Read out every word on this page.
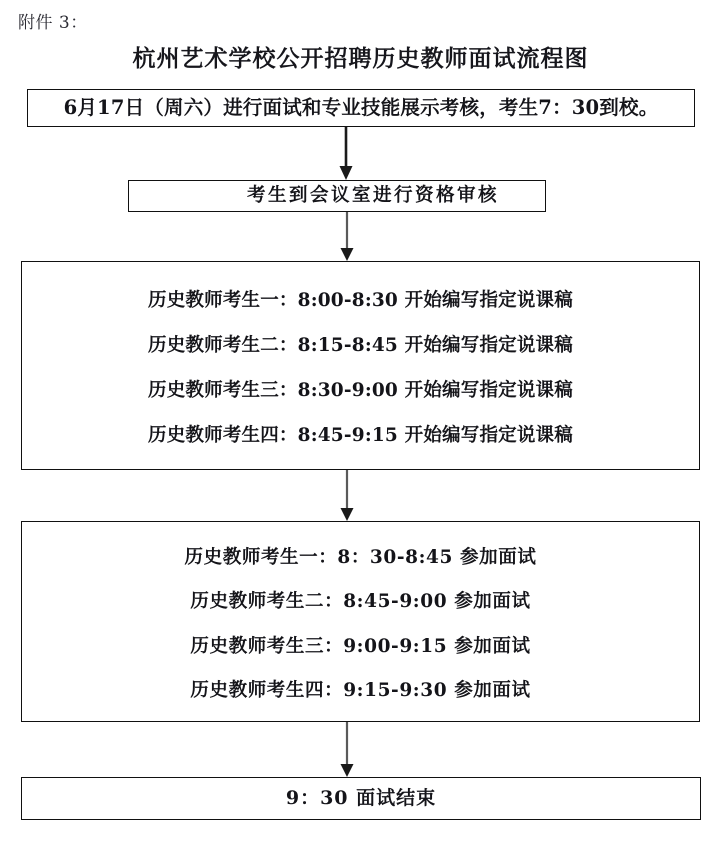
附件 3：
杭州艺术学校公开招聘历史教师面试流程图
6月17日（周六）进行面试和专业技能展示考核，考生7：30到校。
考生到会议室进行资格审核
历史教师考生一：8:00-8:30 开始编写指定说课稿
历史教师考生二：8:15-8:45 开始编写指定说课稿
历史教师考生三：8:30-9:00 开始编写指定说课稿
历史教师考生四：8:45-9:15 开始编写指定说课稿
历史教师考生一：8：30-8:45 参加面试
历史教师考生二：8:45-9:00 参加面试
历史教师考生三：9:00-9:15 参加面试
历史教师考生四：9:15-9:30 参加面试
9：30 面试结束
